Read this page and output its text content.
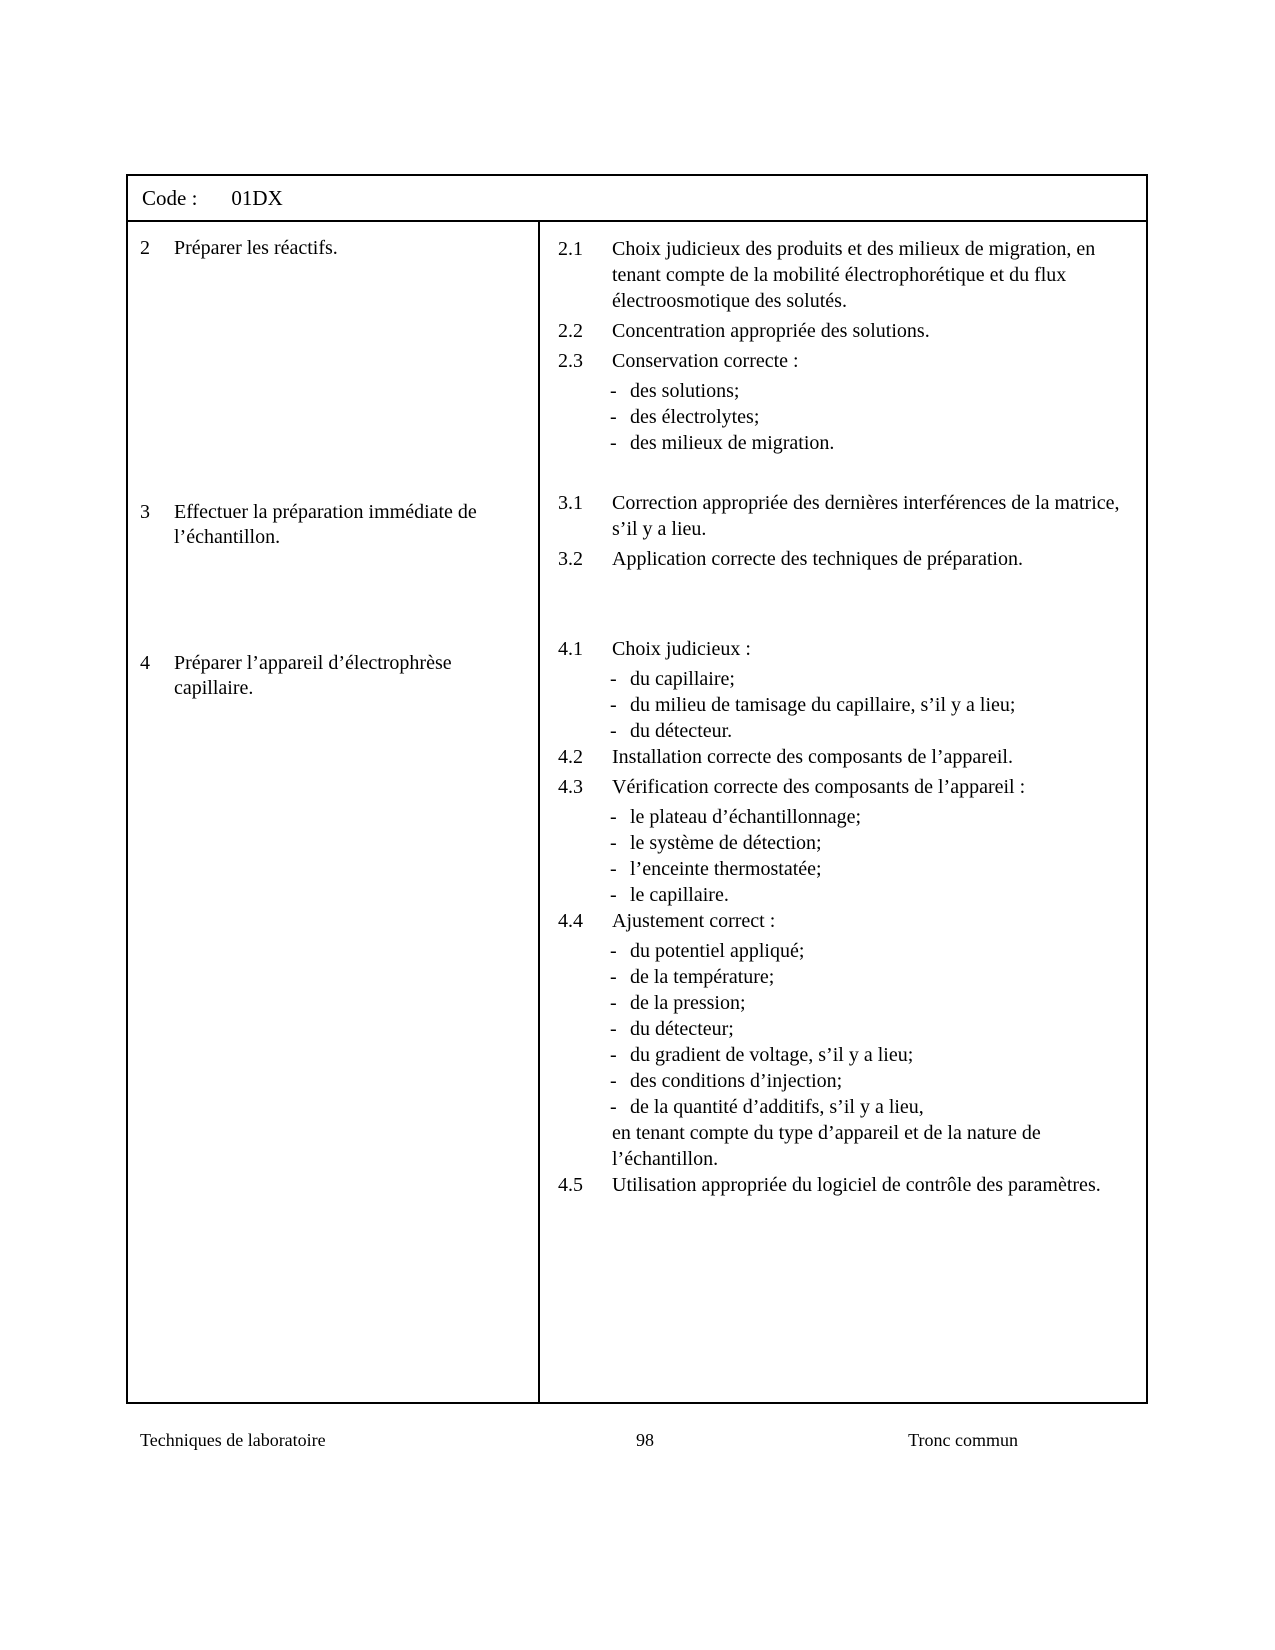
Code : 01DX
2	Préparer les réactifs.
3	Effectuer la préparation immédiate de l’échantillon.
4	Préparer l’appareil d’électrophrèse capillaire.
2.1	Choix judicieux des produits et des milieux de migration, en tenant compte de la mobilité électrophorétique et du flux électroosmotique des solutés.
2.2	Concentration appropriée des solutions.
2.3	Conservation correcte :
- des solutions;
- des électrolytes;
- des milieux de migration.
3.1	Correction appropriée des dernières interférences de la matrice, s’il y a lieu.
3.2	Application correcte des techniques de préparation.
4.1	Choix judicieux :
- du capillaire;
- du milieu de tamisage du capillaire, s’il y a lieu;
- du détecteur.
4.2	Installation correcte des composants de l’appareil.
4.3	Vérification correcte des composants de l’appareil :
- le plateau d’échantillonnage;
- le système de détection;
- l’enceinte thermostatée;
- le capillaire.
4.4	Ajustement correct :
- du potentiel appliqué;
- de la température;
- de la pression;
- du détecteur;
- du gradient de voltage, s’il y a lieu;
- des conditions d’injection;
- de la quantité d’additifs, s’il y a lieu,
en tenant compte du type d’appareil et de la nature de l’échantillon.
4.5	Utilisation appropriée du logiciel de contrôle des paramètres.
Techniques de laboratoire	98	Tronc commun
